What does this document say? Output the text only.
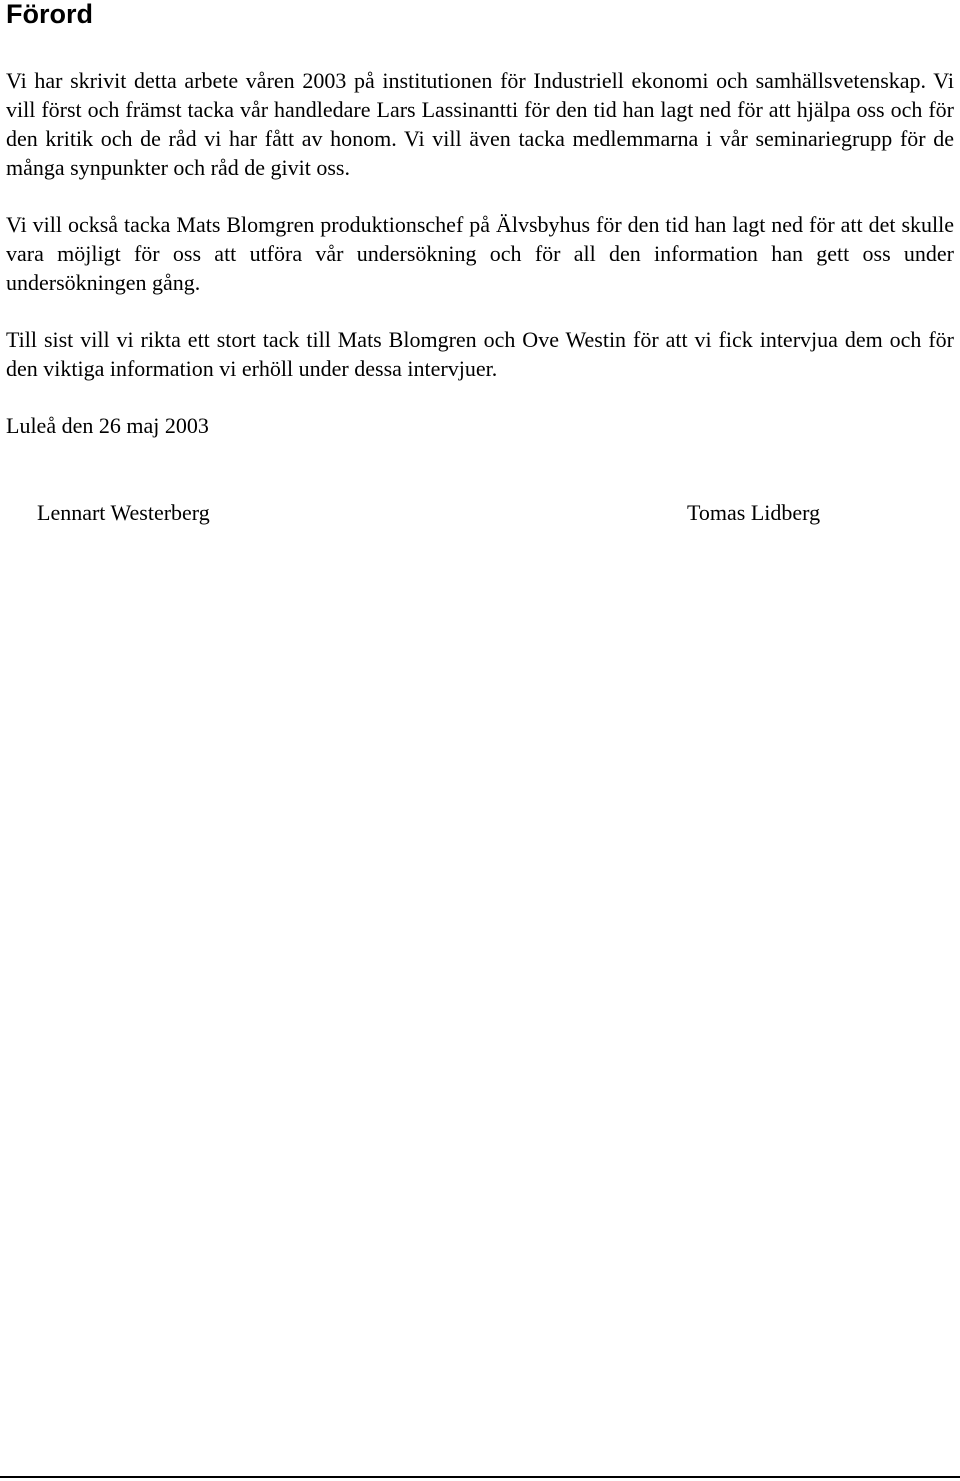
Förord

Vi har skrivit detta arbete våren 2003 på institutionen för Industriell ekonomi och samhällsvetenskap. Vi vill först och främst tacka vår handledare Lars Lassinantti för den tid han lagt ned för att hjälpa oss och för den kritik och de råd vi har fått av honom. Vi vill även tacka medlemmarna i vår seminariegrupp för de många synpunkter och råd de givit oss.

Vi vill också tacka Mats Blomgren produktionschef på Älvsbyhus för den tid han lagt ned för att det skulle vara möjligt för oss att utföra vår undersökning och för all den information han gett oss under undersökningen gång.

Till sist vill vi rikta ett stort tack till Mats Blomgren och Ove Westin för att vi fick intervjua dem och för den viktiga information vi erhöll under dessa intervjuer.

Luleå den 26 maj 2003

Lennart Westerberg	Tomas Lidberg
